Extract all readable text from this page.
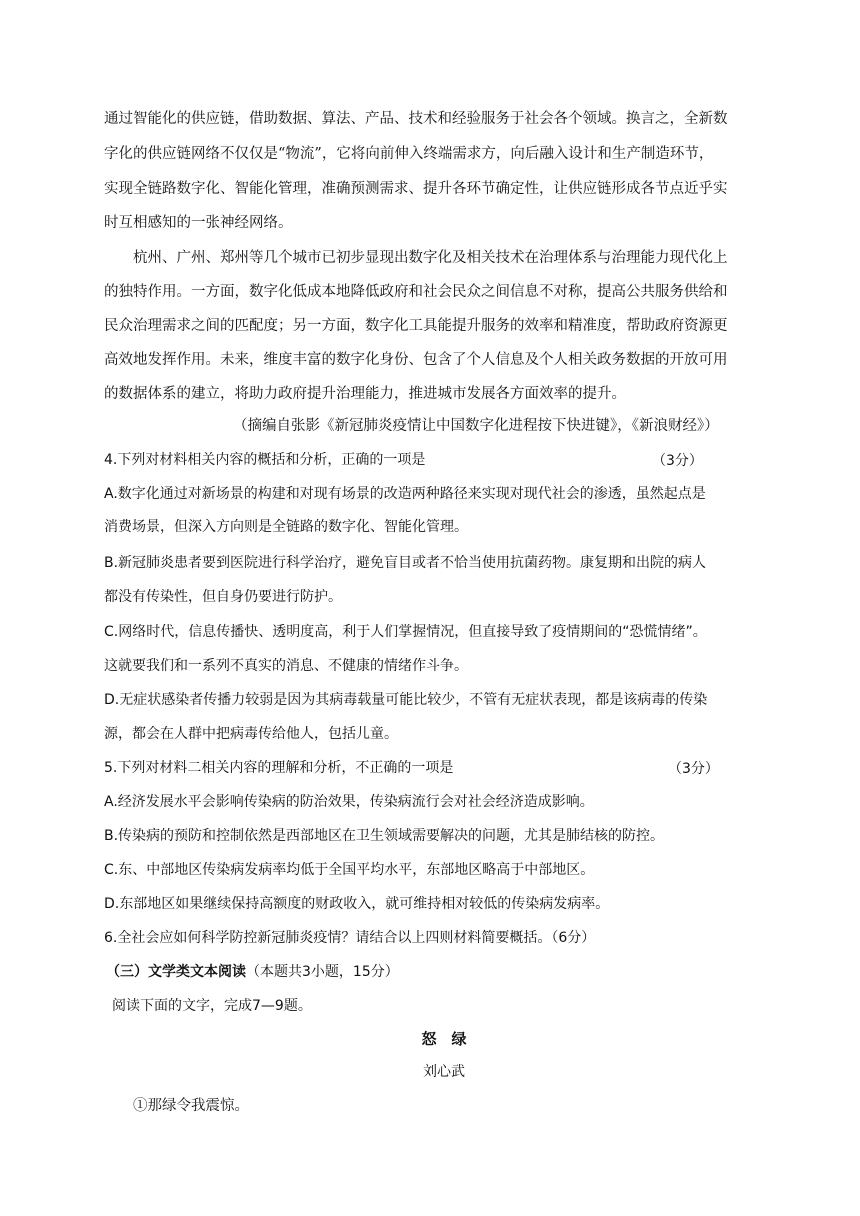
通过智能化的供应链，借助数据、算法、产品、技术和经验服务于社会各个领域。换言之，全新数
字化的供应链网络不仅仅是“物流”，它将向前伸入终端需求方，向后融入设计和生产制造环节，
实现全链路数字化、智能化管理，准确预测需求、提升各环节确定性，让供应链形成各节点近乎实
时互相感知的一张神经网络。
杭州、广州、郑州等几个城市已初步显现出数字化及相关技术在治理体系与治理能力现代化上
的独特作用。一方面，数字化低成本地降低政府和社会民众之间信息不对称，提高公共服务供给和
民众治理需求之间的匹配度；另一方面，数字化工具能提升服务的效率和精准度，帮助政府资源更
高效地发挥作用。未来，维度丰富的数字化身份、包含了个人信息及个人相关政务数据的开放可用
的数据体系的建立，将助力政府提升治理能力，推进城市发展各方面效率的提升。
（摘编自张影《新冠肺炎疫情让中国数字化进程按下快进键》，《新浪财经》）
4.下列对材料相关内容的概括和分析，正确的一项是	（3分）
A.数字化通过对新场景的构建和对现有场景的改造两种路径来实现对现代社会的渗透，虽然起点是
消费场景，但深入方向则是全链路的数字化、智能化管理。
B.新冠肺炎患者要到医院进行科学治疗，避免盲目或者不恰当使用抗菌药物。康复期和出院的病人
都没有传染性，但自身仍要进行防护。
C.网络时代，信息传播快、透明度高，利于人们掌握情况，但直接导致了疫情期间的“恐慌情绪”。
这就要我们和一系列不真实的消息、不健康的情绪作斗争。
D.无症状感染者传播力较弱是因为其病毒载量可能比较少，不管有无症状表现，都是该病毒的传染
源，都会在人群中把病毒传给他人，包括儿童。
5.下列对材料二相关内容的理解和分析，不正确的一项是	（3分）
A.经济发展水平会影响传染病的防治效果，传染病流行会对社会经济造成影响。
B.传染病的预防和控制依然是西部地区在卫生领域需要解决的问题，尤其是肺结核的防控。
C.东、中部地区传染病发病率均低于全国平均水平，东部地区略高于中部地区。
D.东部地区如果继续保持高额度的财政收入，就可维持相对较低的传染病发病率。
6.全社会应如何科学防控新冠肺炎疫情？请结合以上四则材料简要概括。（6分）
（三）文学类文本阅读（本题共3小题，15分）
阅读下面的文字，完成7—9题。
怒　绿
刘心武
①那绿令我震惊。
